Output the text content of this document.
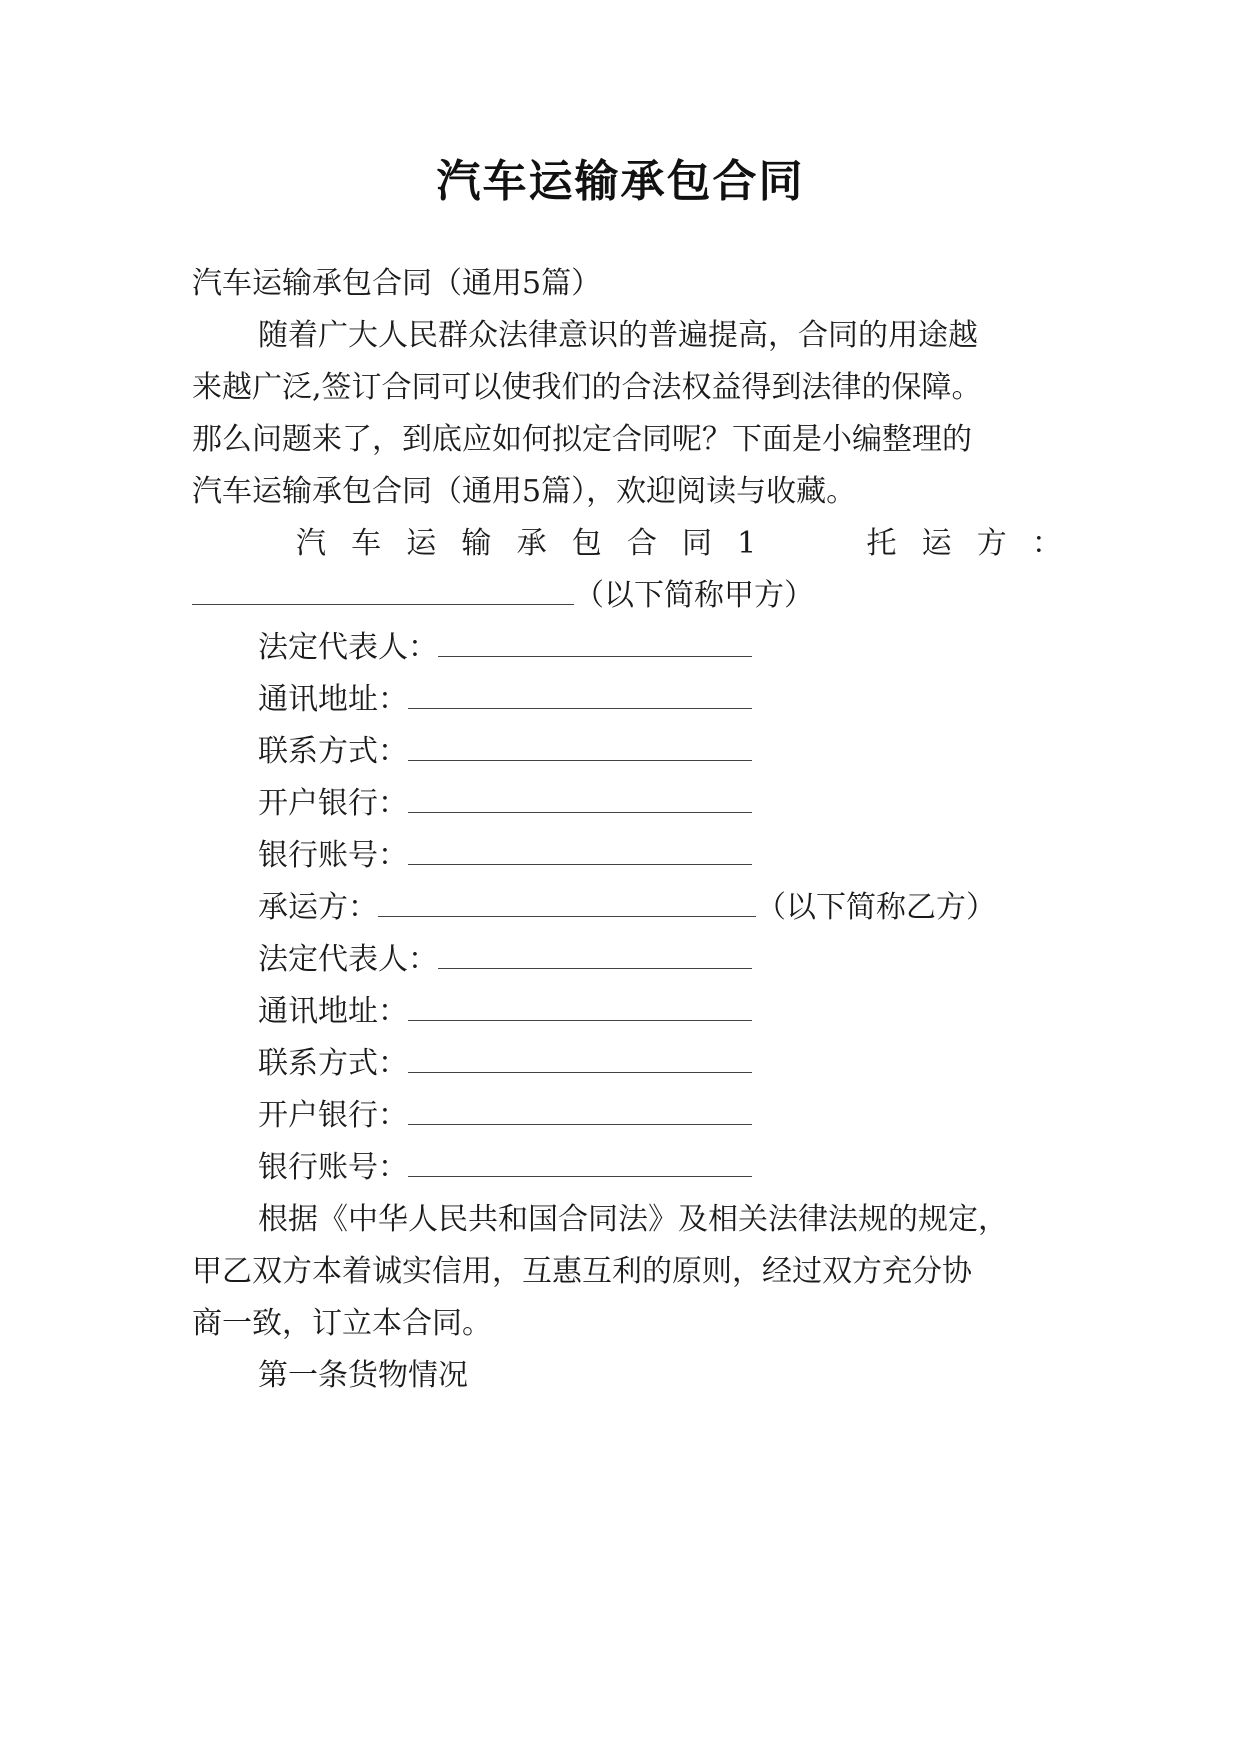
汽车运输承包合同
汽车运输承包合同（通用5篇）
随着广大人民群众法律意识的普遍提高，合同的用途越
来越广泛,签订合同可以使我们的合法权益得到法律的保障。
那么问题来了，到底应如何拟定合同呢？下面是小编整理的
汽车运输承包合同（通用5篇），欢迎阅读与收藏。
汽 车 运 输 承 包 合 同 1	托 运 方 ：
（以下简称甲方）
法定代表人：
通讯地址：
联系方式：
开户银行：
银行账号：
承运方：	（以下简称乙方）
法定代表人：
通讯地址：
联系方式：
开户银行：
银行账号：
根据《中华人民共和国合同法》及相关法律法规的规定，
甲乙双方本着诚实信用，互惠互利的原则，经过双方充分协
商一致，订立本合同。
第一条货物情况
